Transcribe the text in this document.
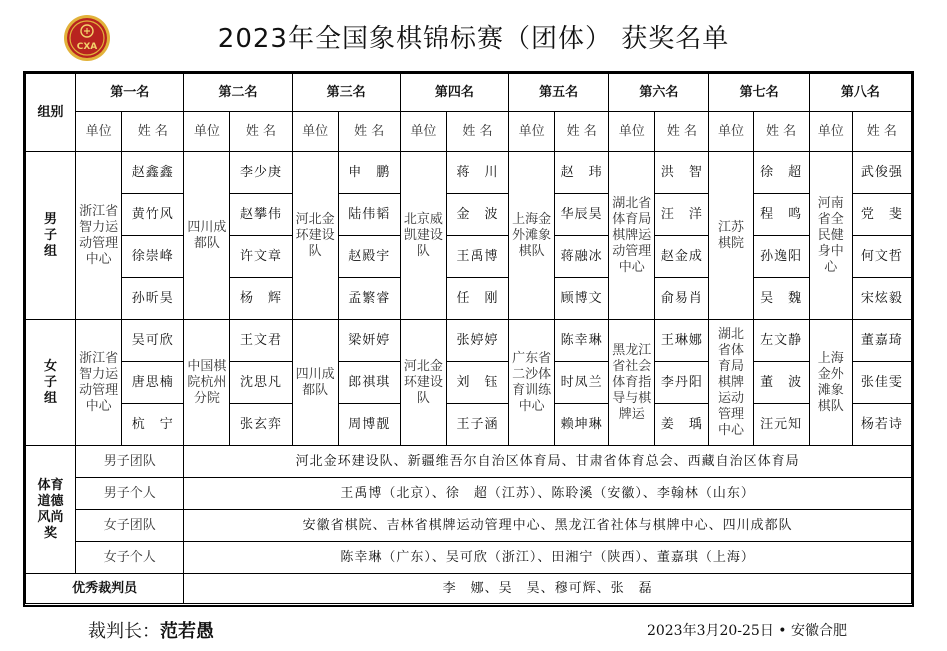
CXA	2023年全国象棋锦标赛（团体） 获奖名单
组别	第一名		第二名		第三名		第四名		第五名		第六名		第七名		第八名	
	单位	姓 名	单位	姓 名	单位	姓 名	单位	姓 名	单位	姓 名	单位	姓 名	单位	姓 名	单位	姓 名
男子组	浙江省智力运动管理中心	赵鑫鑫	四川成都队	李少庚	河北金环建设队	申　鹏	北京威凯建设队	蒋　川	上海金外滩象棋队	赵　玮	湖北省体育局棋牌运动管理中心	洪　智	江苏棋院	徐　超	河南省全民健身中心	武俊强
		黄竹风		赵攀伟		陆伟韬		金　波		华辰昊		汪　洋		程　鸣		党　斐
		徐崇峰		许文章		赵殿宇		王禹博		蒋融冰		赵金成		孙逸阳		何文哲
		孙昕昊		杨　辉		孟繁睿		任　刚		顾博文		俞易肖		吴　魏		宋炫毅
女子组	浙江省智力运动管理中心	吴可欣	中国棋院杭州分院	王文君	四川成都队	梁妍婷	河北金环建设队	张婷婷	广东省二沙体育训练中心	陈幸琳	黑龙江省社会体育指导与棋牌运	王琳娜	湖北省体育局棋牌运动管理中心	左文静	上海金外滩象棋队	董嘉琦
		唐思楠		沈思凡		郎祺琪		刘　钰		时凤兰		李丹阳		董　波		张佳雯
		杭　宁		张玄弈		周博靓		王子涵		赖坤琳		姜　瑀		汪元知		杨若诗
体育道德风尚奖	男子团队		河北金环建设队、新疆维吾尔自治区体育局、甘肃省体育总会、西藏自治区体育局													
	男子个人		王禹博（北京）、徐　超（江苏）、陈聆溪（安徽）、李翰林（山东）													
	女子团队		安徽省棋院、吉林省棋牌运动管理中心、黑龙江省社体与棋牌中心、四川成都队													
	女子个人		陈幸琳（广东）、吴可欣（浙江）、田湘宁（陕西）、董嘉琪（上海）													
优秀裁判员			李　娜、吴　昊、穆可辉、张　磊													
裁判长：范若愚	2023年3月20-25日 • 安徽合肥
